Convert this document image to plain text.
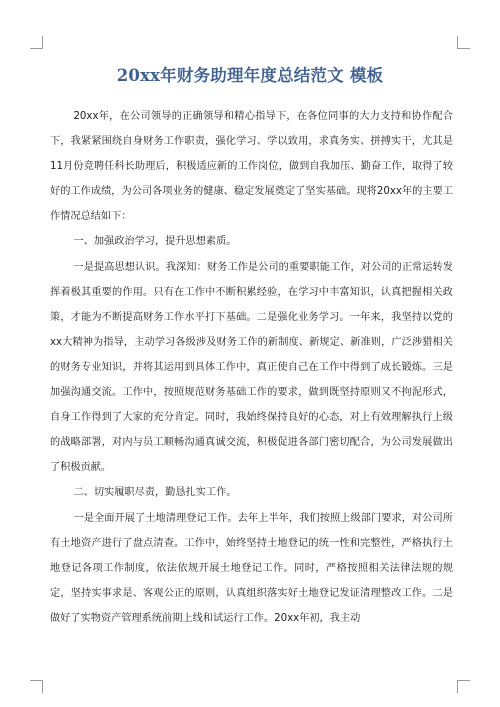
20xx年财务助理年度总结范文 模板

20xx年，在公司领导的正确领导和精心指导下，在各位同事的大力支持和协作配合下，我紧紧围绕自身财务工作职责，强化学习、学以致用，求真务实、拼搏实干，尤其是11月份竞聘任科长助理后，积极适应新的工作岗位，做到自我加压、勤奋工作，取得了较好的工作成绩，为公司各项业务的健康、稳定发展奠定了坚实基础。现将20xx年的主要工作情况总结如下：

一、加强政治学习，提升思想素质。

一是提高思想认识。我深知：财务工作是公司的重要职能工作，对公司的正常运转发挥着极其重要的作用。只有在工作中不断积累经验，在学习中丰富知识，认真把握相关政策，才能为不断提高财务工作水平打下基础。二是强化业务学习。一年来，我坚持以党的xx大精神为指导，主动学习各级涉及财务工作的新制度、新规定、新准则，广泛涉猎相关的财务专业知识，并将其运用到具体工作中，真正使自己在工作中得到了成长锻炼。三是加强沟通交流。工作中，按照规范财务基础工作的要求，做到既坚持原则又不拘泥形式，自身工作得到了大家的充分肯定。同时，我始终保持良好的心态，对上有效理解执行上级的战略部署，对内与员工顺畅沟通真诚交流，积极促进各部门密切配合，为公司发展做出了积极贡献。

二、切实履职尽责，勤恳扎实工作。

一是全面开展了土地清理登记工作。去年上半年，我们按照上级部门要求，对公司所有土地资产进行了盘点清查。工作中，始终坚持土地登记的统一性和完整性，严格执行土地登记各项工作制度，依法依规开展土地登记工作。同时，严格按照相关法律法规的规定，坚持实事求是、客观公正的原则，认真组织落实好土地登记发证清理整改工作。二是做好了实物资产管理系统前期上线和试运行工作。20xx年初，我主动
